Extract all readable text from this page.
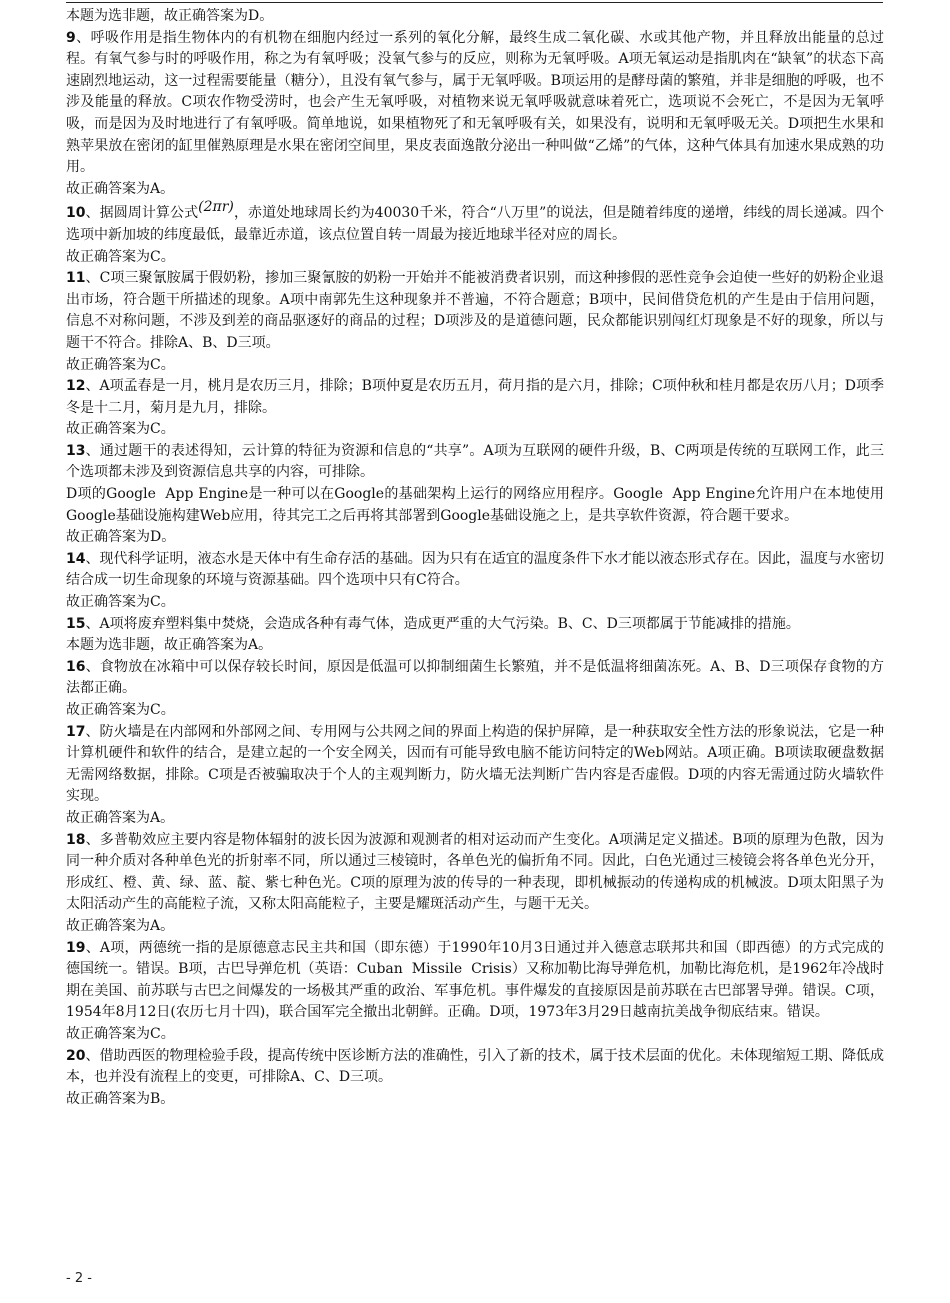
本题为选非题，故正确答案为D。

9、呼吸作用是指生物体内的有机物在细胞内经过一系列的氧化分解，最终生成二氧化碳、水或其他产物，并且释放出能量的总过程。有氧气参与时的呼吸作用，称之为有氧呼吸；没氧气参与的反应，则称为无氧呼吸。A项无氧运动是指肌肉在“缺氧”的状态下高速剧烈地运动，这一过程需要能量（糖分），且没有氧气参与，属于无氧呼吸。B项运用的是酵母菌的繁殖，并非是细胞的呼吸，也不涉及能量的释放。C项农作物受涝时，也会产生无氧呼吸，对植物来说无氧呼吸就意味着死亡，选项说不会死亡，不是因为无氧呼吸，而是因为及时地进行了有氧呼吸。简单地说，如果植物死了和无氧呼吸有关，如果没有，说明和无氧呼吸无关。D项把生水果和熟苹果放在密闭的缸里催熟原理是水果在密闭空间里，果皮表面逸散分泌出一种叫做“乙烯”的气体，这种气体具有加速水果成熟的功用。

故正确答案为A。

10、据圆周计算公式(2πr)，赤道处地球周长约为40030千米，符合“八万里”的说法，但是随着纬度的递增，纬线的周长递减。四个选项中新加坡的纬度最低，最靠近赤道，该点位置自转一周最为接近地球半径对应的周长。

故正确答案为C。

11、C项三聚氰胺属于假奶粉，掺加三聚氰胺的奶粉一开始并不能被消费者识别，而这种掺假的恶性竞争会迫使一些好的奶粉企业退出市场，符合题干所描述的现象。A项中南郭先生这种现象并不普遍，不符合题意；B项中，民间借贷危机的产生是由于信用问题，信息不对称问题，不涉及到差的商品驱逐好的商品的过程；D项涉及的是道德问题，民众都能识别闯红灯现象是不好的现象，所以与题干不符合。排除A、B、D三项。

故正确答案为C。

12、A项孟春是一月，桃月是农历三月，排除；B项仲夏是农历五月，荷月指的是六月，排除；C项仲秋和桂月都是农历八月；D项季冬是十二月，菊月是九月，排除。

故正确答案为C。

13、通过题干的表述得知，云计算的特征为资源和信息的“共享”。A项为互联网的硬件升级，B、C两项是传统的互联网工作，此三个选项都未涉及到资源信息共享的内容，可排除。

D项的Google  App Engine是一种可以在Google的基础架构上运行的网络应用程序。Google  App Engine允许用户在本地使用Google基础设施构建Web应用，待其完工之后再将其部署到Google基础设施之上，是共享软件资源，符合题干要求。

故正确答案为D。

14、现代科学证明，液态水是天体中有生命存活的基础。因为只有在适宜的温度条件下水才能以液态形式存在。因此，温度与水密切结合成一切生命现象的环境与资源基础。四个选项中只有C符合。

故正确答案为C。

15、A项将废弃塑料集中焚烧，会造成各种有毒气体，造成更严重的大气污染。B、C、D三项都属于节能减排的措施。

本题为选非题，故正确答案为A。

16、食物放在冰箱中可以保存较长时间，原因是低温可以抑制细菌生长繁殖，并不是低温将细菌冻死。A、B、D三项保存食物的方法都正确。

故正确答案为C。

17、防火墙是在内部网和外部网之间、专用网与公共网之间的界面上构造的保护屏障，是一种获取安全性方法的形象说法，它是一种计算机硬件和软件的结合，是建立起的一个安全网关，因而有可能导致电脑不能访问特定的Web网站。A项正确。B项读取硬盘数据无需网络数据，排除。C项是否被骗取决于个人的主观判断力，防火墙无法判断广告内容是否虚假。D项的内容无需通过防火墙软件实现。

故正确答案为A。

18、多普勒效应主要内容是物体辐射的波长因为波源和观测者的相对运动而产生变化。A项满足定义描述。B项的原理为色散，因为同一种介质对各种单色光的折射率不同，所以通过三棱镜时，各单色光的偏折角不同。因此，白色光通过三棱镜会将各单色光分开，形成红、橙、黄、绿、蓝、靛、紫七种色光。C项的原理为波的传导的一种表现，即机械振动的传递构成的机械波。D项太阳黑子为太阳活动产生的高能粒子流，又称太阳高能粒子，主要是耀斑活动产生，与题干无关。

故正确答案为A。

19、A项，两德统一指的是原德意志民主共和国（即东德）于1990年10月3日通过并入德意志联邦共和国（即西德）的方式完成的德国统一。错误。B项，古巴导弹危机（英语：Cuban  Missile  Crisis）又称加勒比海导弹危机，加勒比海危机，是1962年冷战时期在美国、前苏联与古巴之间爆发的一场极其严重的政治、军事危机。事件爆发的直接原因是前苏联在古巴部署导弹。错误。C项，1954年8月12日(农历七月十四)，联合国军完全撤出北朝鲜。正确。D项，1973年3月29日越南抗美战争彻底结束。错误。

故正确答案为C。

20、借助西医的物理检验手段，提高传统中医诊断方法的准确性，引入了新的技术，属于技术层面的优化。未体现缩短工期、降低成本，也并没有流程上的变更，可排除A、C、D三项。

故正确答案为B。

- 2 -
